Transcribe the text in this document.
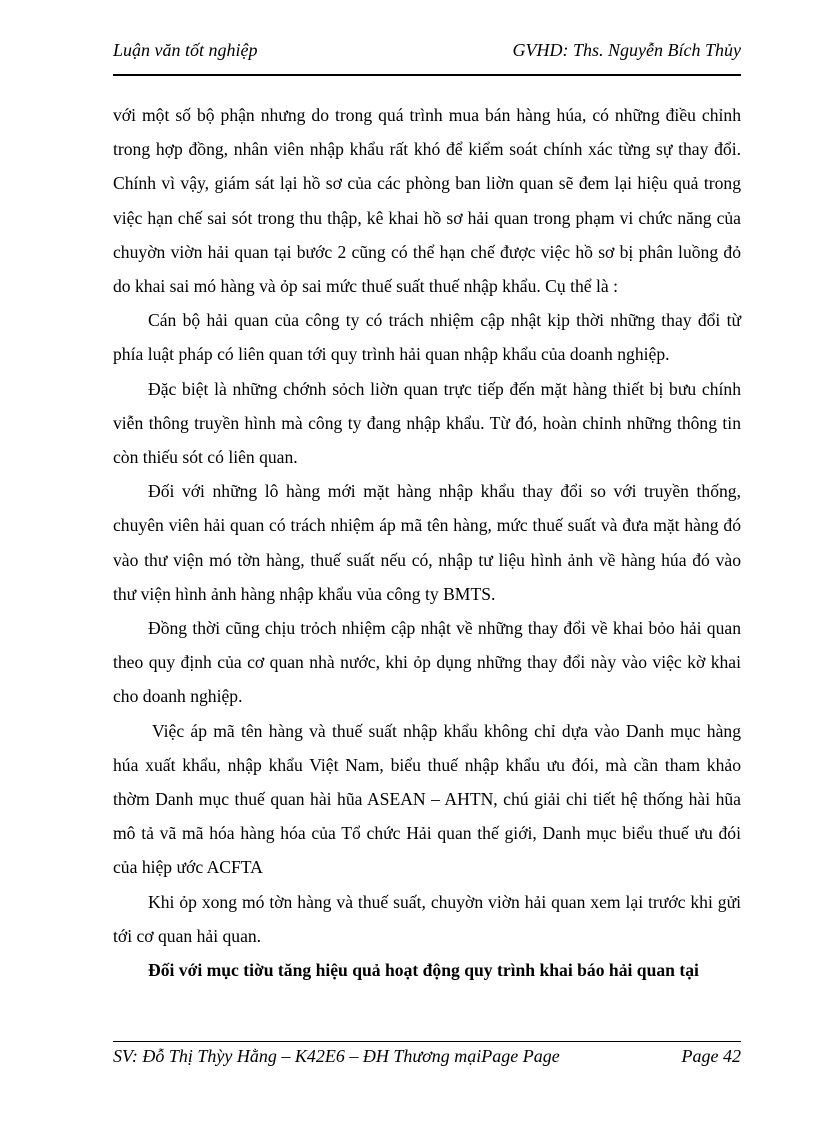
Luận văn tốt nghiệp	GVHD: Ths. Nguyễn Bích Thủy

với một số bộ phận nhưng do trong quá trình mua bán hàng húa, có những điều chỉnh trong hợp đồng, nhân viên nhập khẩu rất khó để kiểm soát chính xác từng sự thay đổi. Chính vì vậy, giám sát lại hồ sơ của các phòng ban liờn quan sẽ đem lại hiệu quả trong việc hạn chế sai sót trong thu thập, kê khai hồ sơ hải quan trong phạm vi chức năng của chuyờn viờn hải quan tại bước 2 cũng có thể hạn chế được việc hồ sơ bị phân luồng đỏ do khai sai mó hàng và ỏp sai mức thuế suất thuế nhập khẩu. Cụ thể là :

Cán bộ hải quan của công ty có trách nhiệm cập nhật kịp thời những thay đổi từ phía luật pháp có liên quan tới quy trình hải quan nhập khẩu của doanh nghiệp.

Đặc biệt là những chớnh sỏch liờn quan trực tiếp đến mặt hàng thiết bị bưu chính viễn thông truyền hình mà công ty đang nhập khẩu. Từ đó, hoàn chỉnh những thông tin còn thiếu sót có liên quan.

Đối với những lô hàng mới mặt hàng nhập khẩu thay đổi so với truyền thống, chuyên viên hải quan có trách nhiệm áp mã tên hàng, mức thuế suất và đưa mặt hàng đó vào thư viện mó tờn hàng, thuế suất nếu có, nhập tư liệu hình ảnh về hàng húa đó vào thư viện hình ảnh hàng nhập khẩu vủa công ty BMTS.

Đồng thời cũng chịu trỏch nhiệm cập nhật về những thay đổi về khai bỏo hải quan theo quy định của cơ quan nhà nước, khi ỏp dụng những thay đổi này vào việc kờ khai cho doanh nghiệp.

Việc áp mã tên hàng và thuế suất nhập khẩu không chỉ dựa vào Danh mục hàng húa xuất khẩu, nhập khẩu Việt Nam, biểu thuế nhập khẩu ưu đói, mà cần tham khảo thờm Danh mục thuế quan hài hũa ASEAN – AHTN, chú giải chi tiết hệ thống hài hũa mô tả vã mã hóa hàng hóa của Tổ chức Hải quan thế giới, Danh mục biểu thuế ưu đói của hiệp ước ACFTA

Khi ỏp xong mó tờn hàng và thuế suất, chuyờn viờn hải quan xem lại trước khi gửi tới cơ quan hải quan.

Đối với mục tiờu tăng hiệu quả hoạt động quy trình khai báo hải quan tại

SV: Đỗ Thị Thỳy Hằng – K42E6 – ĐH Thương mạiPage Page	Page 42
